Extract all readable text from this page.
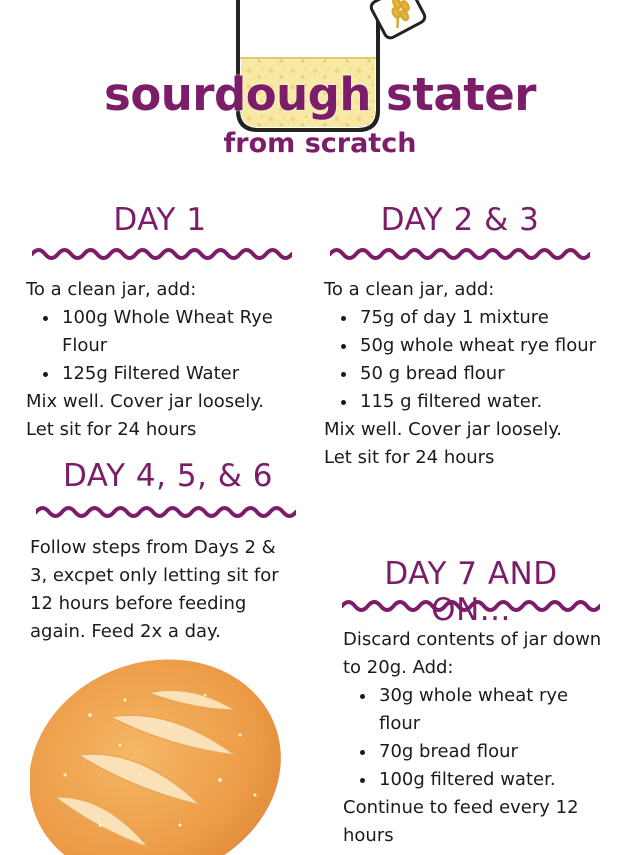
sourdough stater
from scratch
DAY 1

To a clean jar, add:

• 100g Whole Wheat Rye Flour
• 125g Filtered Water

Mix well. Cover jar loosely.

Let sit for 24 hours

DAY 2 & 3

To a clean jar, add:

• 75g of day 1 mixture
• 50g whole wheat rye flour
• 50 g bread flour
• 115 g filtered water.

Mix well. Cover jar loosely.

Let sit for 24 hours

DAY 4, 5, & 6
Follow steps from Days 2 & 3, excpet only letting sit for 12 hours before feeding again. Feed 2x a day.
DAY 7 AND ON...

Discard contents of jar down to 20g. Add:

• 30g whole wheat rye flour
• 70g bread flour
• 100g filtered water.

Continue to feed every 12 hours
